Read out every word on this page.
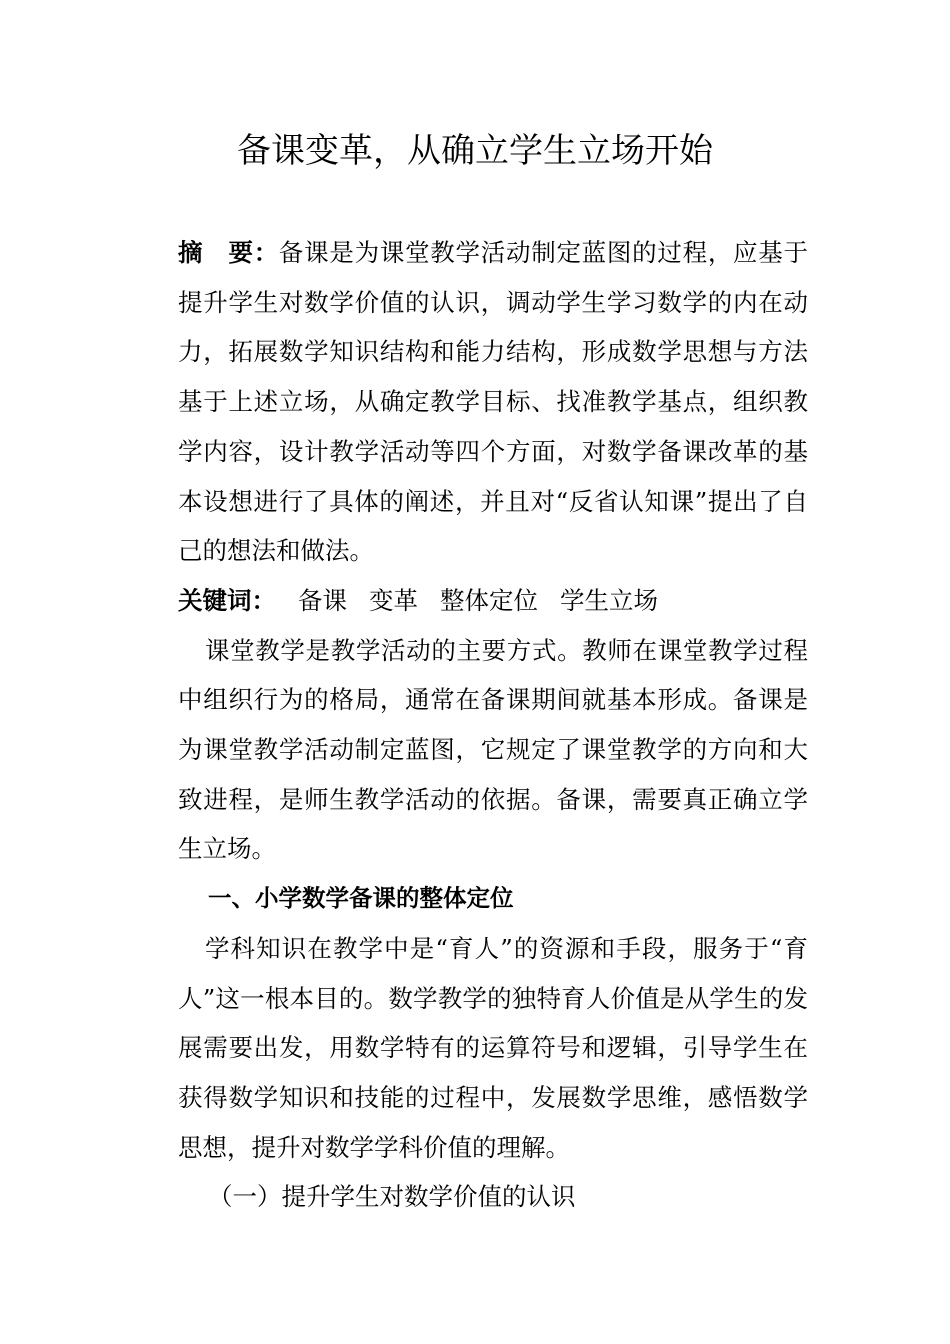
备课变革，从确立学生立场开始

摘　要：备课是为课堂教学活动制定蓝图的过程，应基于提升学生对数学价值的认识，调动学生学习数学的内在动力，拓展数学知识结构和能力结构，形成数学思想与方法基于上述立场，从确定教学目标、找准教学基点，组织教学内容，设计教学活动等四个方面，对数学备课改革的基本设想进行了具体的阐述，并且对“反省认知课”提出了自己的想法和做法。

关键词： 备课 变革 整体定位 学生立场

课堂教学是教学活动的主要方式。教师在课堂教学过程中组织行为的格局，通常在备课期间就基本形成。备课是为课堂教学活动制定蓝图，它规定了课堂教学的方向和大致进程，是师生教学活动的依据。备课，需要真正确立学生立场。

一、小学数学备课的整体定位

学科知识在教学中是“育人”的资源和手段，服务于“育人”这一根本目的。数学教学的独特育人价值是从学生的发展需要出发，用数学特有的运算符号和逻辑，引导学生在获得数学知识和技能的过程中，发展数学思维，感悟数学思想，提升对数学学科价值的理解。

（一）提升学生对数学价值的认识
